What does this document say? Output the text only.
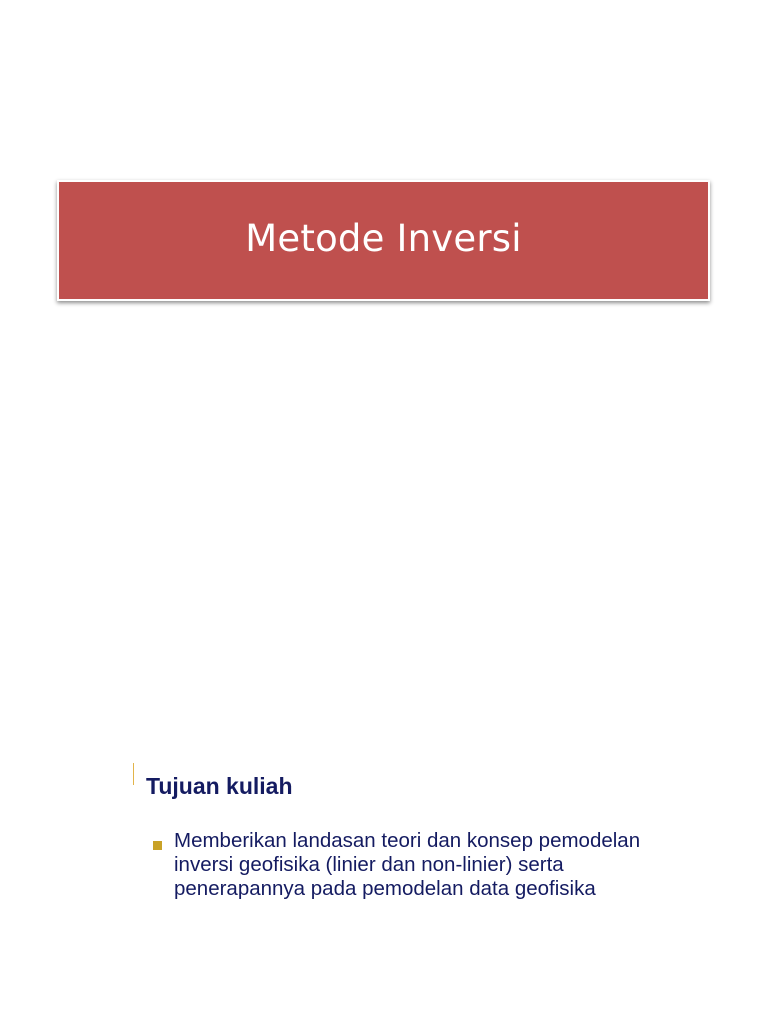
Metode Inversi
Tujuan kuliah

Memberikan landasan teori dan konsep pemodelan inversi geofisika (linier dan non-linier) serta penerapannya pada pemodelan data geofisika
